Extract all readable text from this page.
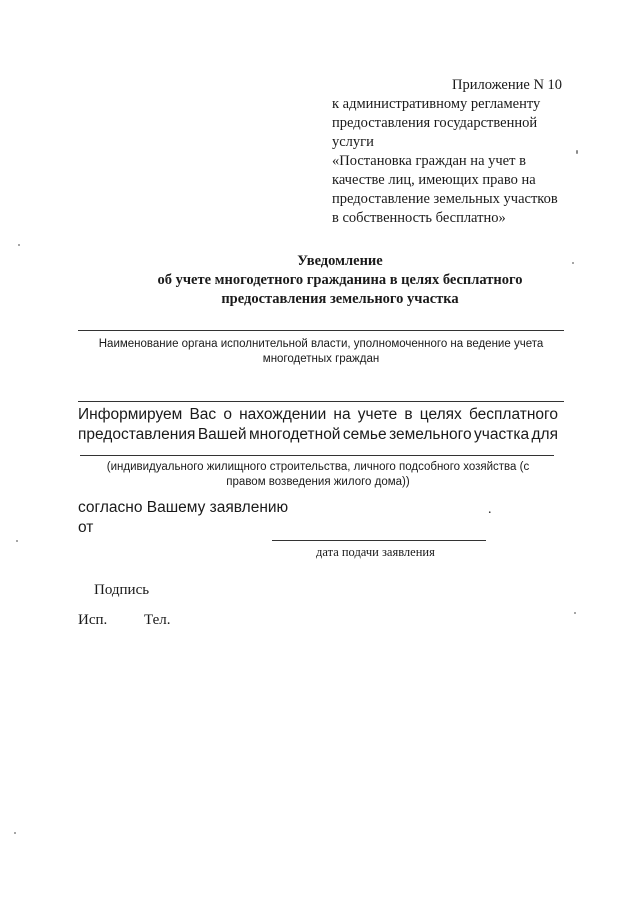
Приложение N 10
к административному регламенту
предоставления государственной
услуги
«Постановка граждан на учет в
качестве лиц, имеющих право на
предоставление земельных участков
в собственность бесплатно»
Уведомление
об учете многодетного гражданина в целях бесплатного
предоставления земельного участка
Наименование органа исполнительной власти, уполномоченного на ведение учета
многодетных граждан
Информируем Вас о нахождении на учете в целях бесплатного
предоставления Вашей многодетной семье земельного участка для
(индивидуального жилищного строительства, личного подсобного хозяйства (с
правом возведения жилого дома))
согласно Вашему заявлению
от
.
дата подачи заявления
Подпись
Исп. Тел.
